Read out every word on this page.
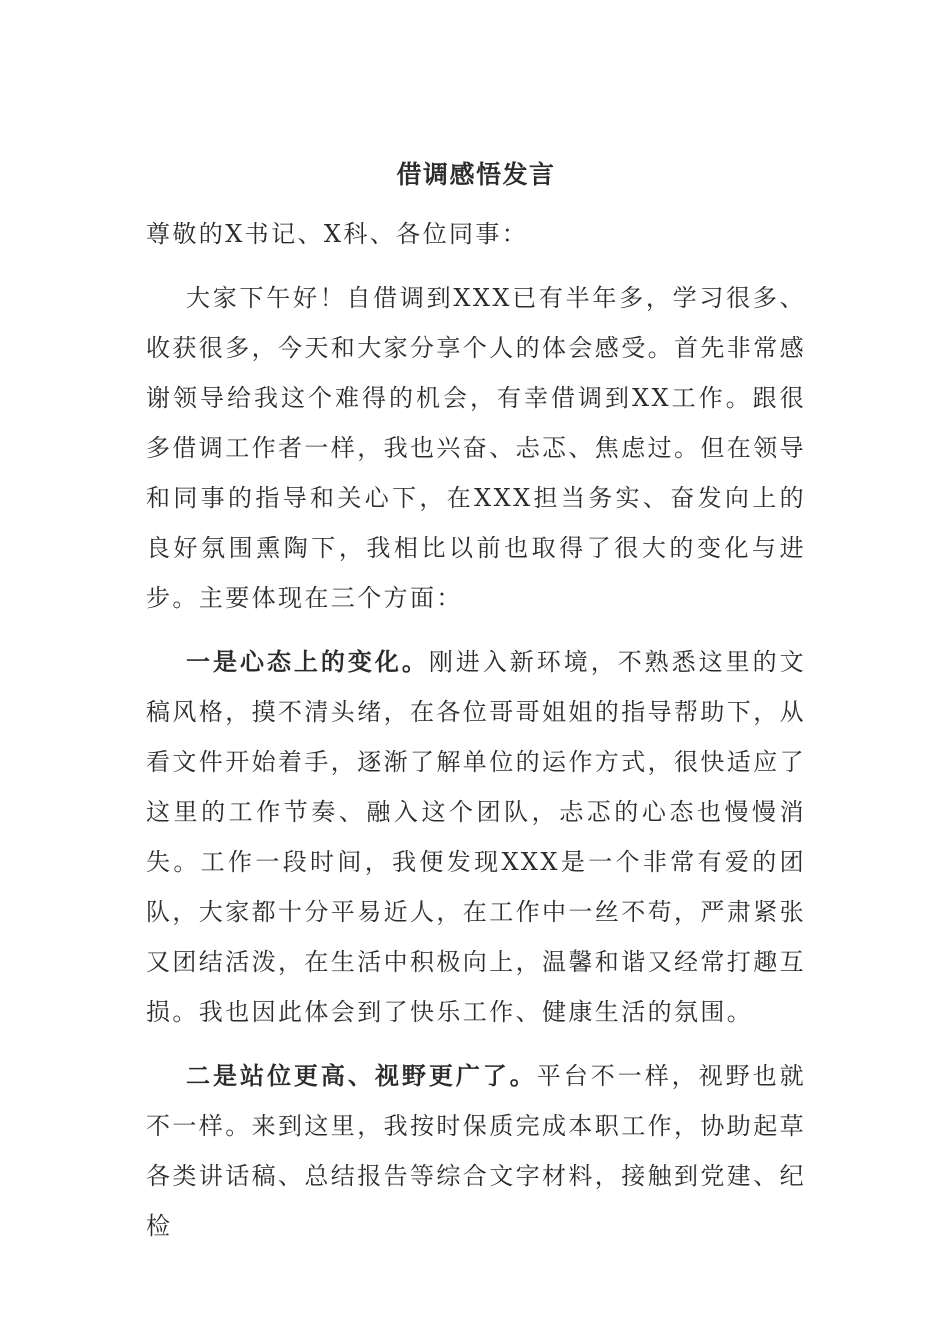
借调感悟发言
尊敬的X书记、X科、各位同事：

大家下午好！自借调到XXX已有半年多，学习很多、收获很多，今天和大家分享个人的体会感受。首先非常感谢领导给我这个难得的机会，有幸借调到XX工作。跟很多借调工作者一样，我也兴奋、忐忑、焦虑过。但在领导和同事的指导和关心下，在XXX担当务实、奋发向上的良好氛围熏陶下，我相比以前也取得了很大的变化与进步。主要体现在三个方面：

一是心态上的变化。刚进入新环境，不熟悉这里的文稿风格，摸不清头绪，在各位哥哥姐姐的指导帮助下，从看文件开始着手，逐渐了解单位的运作方式，很快适应了这里的工作节奏、融入这个团队，忐忑的心态也慢慢消失。工作一段时间，我便发现XXX是一个非常有爱的团队，大家都十分平易近人，在工作中一丝不苟，严肃紧张又团结活泼，在生活中积极向上，温馨和谐又经常打趣互损。我也因此体会到了快乐工作、健康生活的氛围。

二是站位更高、视野更广了。平台不一样，视野也就不一样。来到这里，我按时保质完成本职工作，协助起草各类讲话稿、总结报告等综合文字材料，接触到党建、纪检
